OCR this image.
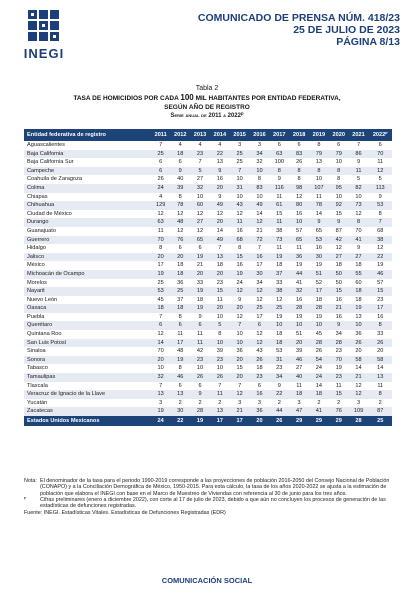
INEGI
COMUNICADO DE PRENSA NÚM. 418/23
25 DE JULIO DE 2023
PÁGINA 8/13
Tabla 2
TASA DE HOMICIDIOS POR CADA 100 MIL HABITANTES POR ENTIDAD FEDERATIVA,
SEGÚN AÑO DE REGISTRO
Serie anual de 2011 a 2022ᴾ
Entidad federativa de registro	2011	2012	2013	2014	2015	2016	2017	2018	2019	2020	2021	2022ᴾ
Aguascalientes	7	4	4	4	3	3	6	6	8	6	7	6
Baja California	25	18	23	22	25	34	63	83	79	79	86	70
Baja California Sur	6	6	7	13	25	32	100	26	13	10	9	11
Campeche	6	9	5	9	7	10	8	8	8	8	11	12
Coahuila de Zaragoza	26	40	27	16	10	8	9	8	10	8	5	5
Colima	24	39	32	20	31	83	116	98	107	95	82	113
Chiapas	4	8	10	9	10	10	11	12	11	10	10	9
Chihuahua	129	78	60	49	43	49	61	80	78	92	73	53
Ciudad de México	12	12	12	12	12	14	15	16	14	15	12	8
Durango	63	48	27	20	11	12	11	10	9	9	8	7
Guanajuato	11	12	12	14	16	21	38	57	65	87	70	68
Guerrero	70	76	65	49	68	72	73	65	53	42	41	38
Hidalgo	8	6	6	7	8	7	11	11	16	12	9	12
Jalisco	20	20	19	13	15	16	19	36	30	27	27	22
México	17	18	21	18	16	17	18	19	19	18	18	19
Michoacán de Ocampo	19	18	20	20	19	30	37	44	51	50	55	46
Morelos	25	36	33	23	24	34	33	41	52	50	60	57
Nayarit	53	25	19	15	12	12	38	32	17	15	18	15
Nuevo León	45	37	18	11	9	12	12	16	18	16	18	23
Oaxaca	18	18	19	20	20	25	25	28	28	21	19	17
Puebla	7	8	9	10	12	17	19	19	19	16	13	16
Querétaro	6	6	6	5	7	6	10	10	10	9	10	8
Quintana Roo	12	11	11	8	10	12	18	51	45	34	36	33
San Luis Potosí	14	17	11	10	10	12	18	20	28	28	26	26
Sinaloa	70	48	42	39	36	43	53	39	26	23	20	20
Sonora	20	19	23	23	20	26	31	46	54	70	58	58
Tabasco	10	8	10	10	15	18	23	27	24	19	14	14
Tamaulipas	32	46	26	26	20	23	34	40	24	23	21	13
Tlaxcala	7	6	6	7	7	6	9	11	14	11	12	11
Veracruz de Ignacio de la Llave	13	13	9	11	12	16	22	18	18	15	12	8
Yucatán	3	2	2	2	3	3	2	3	2	2	3	2
Zacatecas	19	30	28	13	21	36	44	47	41	76	109	87
Estados Unidos Mexicanos	24	22	19	17	17	20	26	29	29	29	28	25
Nota: El denominador de la tasa para el periodo 1990-2019 corresponde a las proyecciones de población 2016-2050 del Consejo Nacional de Población (CONAPO) y a la Conciliación Demográfica de México, 1950-2015. Para esta cálculo, la tasa de los años 2020-2022 se ajusta a la estimación de población que elabora el INEGI con base en el Marco de Muestreo de Viviendas con referencia al 30 de junio para los tres años.
ᴾ	Cifras preliminares (enero a diciembre 2022), con corte al 17 de julio de 2023, debido a que aún no concluyen los procesos de generación de las estadísticas de defunciones registradas.
Fuente: INEGI. Estadísticas Vitales. Estadísticas de Defunciones Registradas (EDR)
COMUNICACIÓN SOCIAL
